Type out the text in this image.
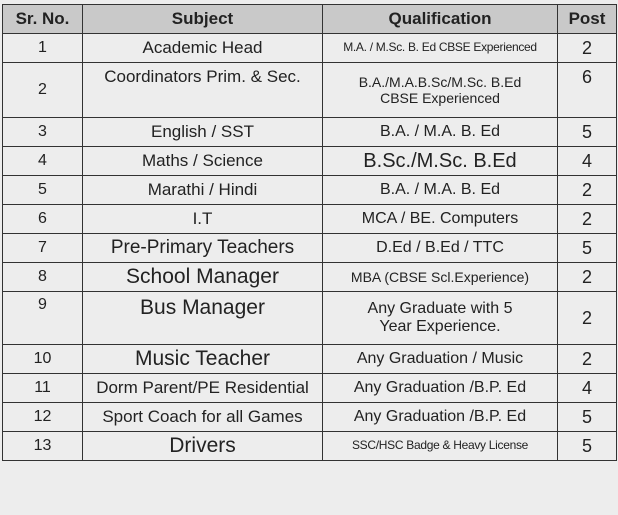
Sr. No.	Subject	Qualification	Post
1	Academic Head	M.A. / M.Sc. B. Ed CBSE Experienced	2
2	Coordinators Prim. & Sec.	B.A./M.A.B.Sc/M.Sc. B.Ed CBSE Experienced	6
3	English / SST	B.A. / M.A. B. Ed	5
4	Maths / Science	B.Sc./M.Sc. B.Ed	4
5	Marathi / Hindi	B.A. / M.A. B. Ed	2
6	I.T	MCA / BE. Computers	2
7	Pre-Primary Teachers	D.Ed / B.Ed / TTC	5
8	School Manager	MBA (CBSE Scl.Experience)	2
9	Bus Manager	Any Graduate with 5 Year Experience.	2
10	Music Teacher	Any Graduation / Music	2
11	Dorm Parent/PE Residential	Any Graduation /B.P. Ed	4
12	Sport Coach for all Games	Any Graduation /B.P. Ed	5
13	Drivers	SSC/HSC Badge & Heavy License	5
